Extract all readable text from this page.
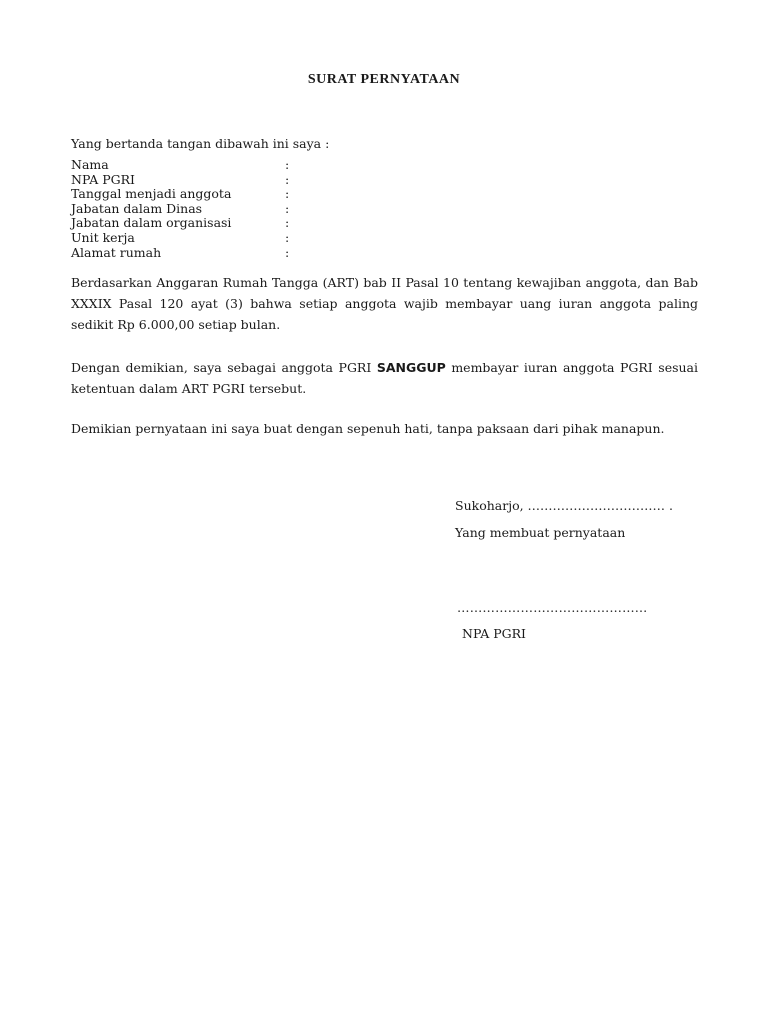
SURAT PERNYATAAN
Yang bertanda tangan dibawah ini saya :
Nama	:
NPA PGRI	:
Tanggal menjadi anggota	:
Jabatan dalam Dinas	:
Jabatan dalam organisasi	:
Unit kerja	:
Alamat rumah	:
Berdasarkan Anggaran Rumah Tangga (ART) bab II Pasal 10 tentang kewajiban anggota, dan Bab XXXIX Pasal 120 ayat (3) bahwa setiap anggota wajib membayar uang iuran anggota paling sedikit Rp 6.000,00 setiap bulan.
Dengan demikian, saya sebagai anggota PGRI SANGGUP membayar iuran anggota PGRI sesuai ketentuan dalam ART PGRI tersebut.
Demikian pernyataan ini saya buat dengan sepenuh hati, tanpa paksaan dari pihak manapun.
Sukoharjo, …………………………… .
Yang membuat pernyataan
………………………………………
NPA PGRI
